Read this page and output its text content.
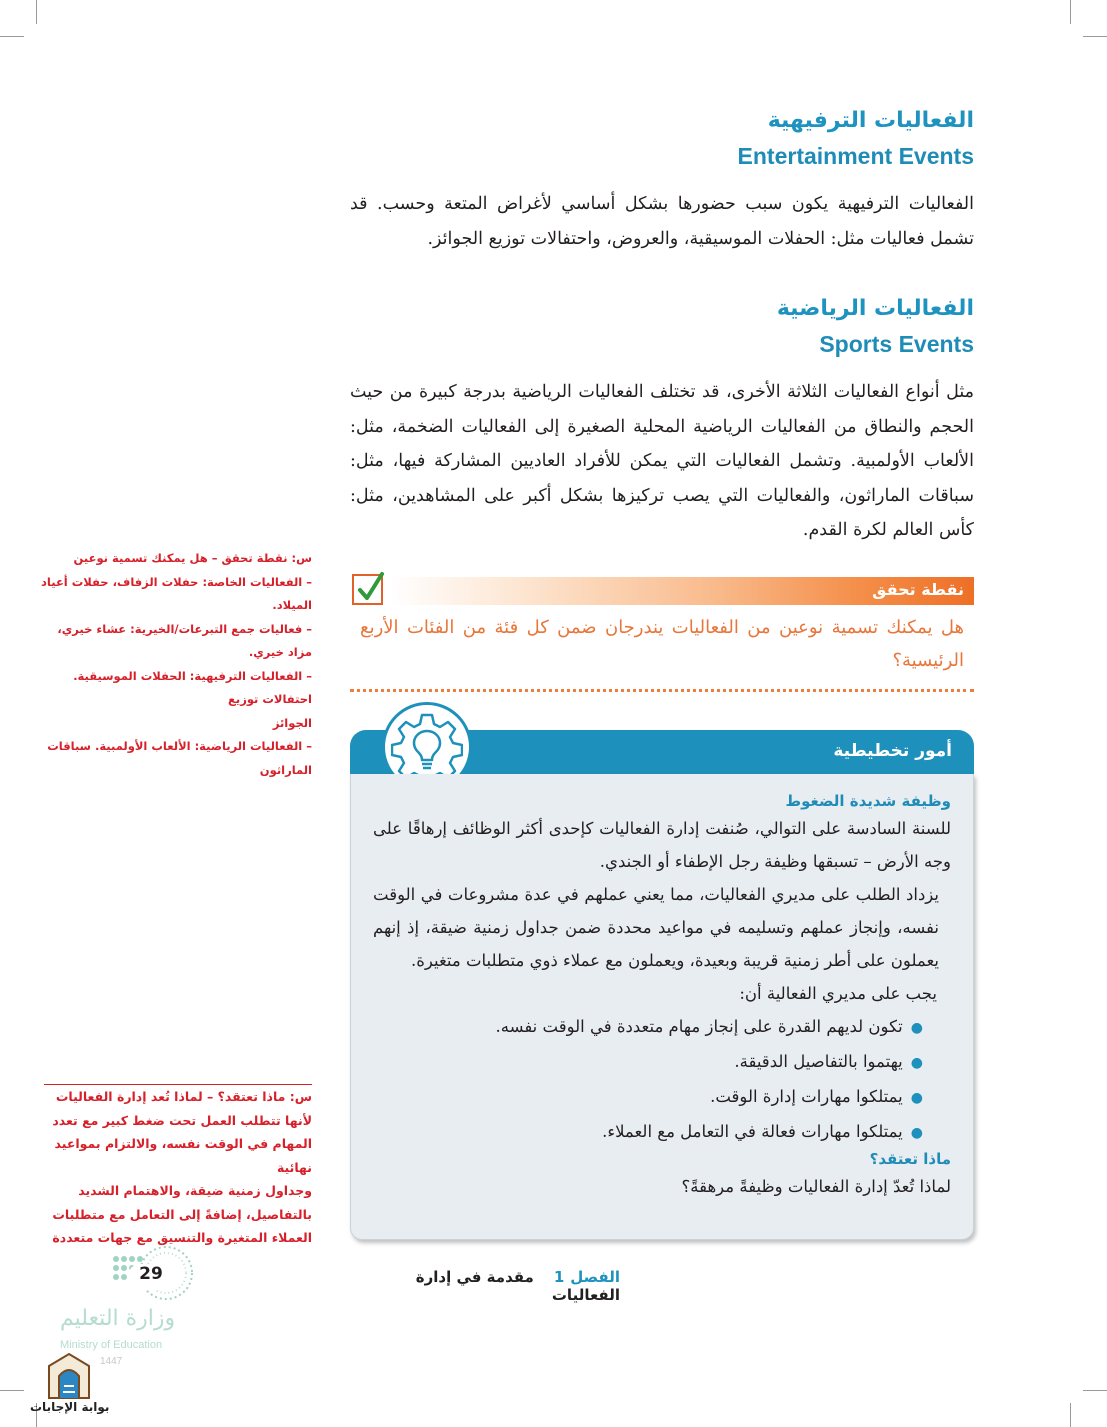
الفعاليات الترفيهية
Entertainment Events

الفعاليات الترفيهية يكون سبب حضورها بشكل أساسي لأغراض المتعة وحسب. قد تشمل فعاليات مثل: الحفلات الموسيقية، والعروض، واحتفالات توزيع الجوائز.

الفعاليات الرياضية
Sports Events

مثل أنواع الفعاليات الثلاثة الأخرى، قد تختلف الفعاليات الرياضية بدرجة كبيرة من حيث الحجم والنطاق من الفعاليات الرياضية المحلية الصغيرة إلى الفعاليات الضخمة، مثل: الألعاب الأولمبية. وتشمل الفعاليات التي يمكن للأفراد العاديين المشاركة فيها، مثل: سباقات الماراثون، والفعاليات التي يصب تركيزها بشكل أكبر على المشاهدين، مثل: كأس العالم لكرة القدم.

نقطة تحقق

هل يمكنك تسمية نوعين من الفعاليات يندرجان ضمن كل فئة من الفئات الأربع الرئيسية؟

أمور تخطيطية
وظيفة شديدة الضغوط

للسنة السادسة على التوالي، صُنفت إدارة الفعاليات كإحدى أكثر الوظائف إرهاقًا على وجه الأرض – تسبقها وظيفة رجل الإطفاء أو الجندي.

يزداد الطلب على مديري الفعاليات، مما يعني عملهم في عدة مشروعات في الوقت نفسه، وإنجاز عملهم وتسليمه في مواعيد محددة ضمن جداول زمنية ضيقة، إذ إنهم يعملون على أطر زمنية قريبة وبعيدة، ويعملون مع عملاء ذوي متطلبات متغيرة.

يجب على مديري الفعالية أن:

●تكون لديهم القدرة على إنجاز مهام متعددة في الوقت نفسه.
●يهتموا بالتفاصيل الدقيقة.
●يمتلكوا مهارات إدارة الوقت.
●يمتلكوا مهارات فعالة في التعامل مع العملاء.
ماذا تعتقد؟

لماذا تُعدّ إدارة الفعاليات وظيفةً مرهقةً؟

س: نقطة تحقق – هل يمكنك تسمية نوعين
– الفعاليات الخاصة: حفلات الزفاف، حفلات أعياد
الميلاد.
– فعاليات جمع التبرعات/الخيرية: عشاء خيري، مزاد خيري.
– الفعاليات الترفيهية: الحفلات الموسيقية. احتفالات توزيع
الجوائز
– الفعاليات الرياضية: الألعاب الأولمبية. سباقات الماراثون
س: ماذا تعتقد؟ – لماذا تُعد إدارة الفعاليات
لأنها تتطلب العمل تحت ضغط كبير مع تعدد
المهام في الوقت نفسه، والالتزام بمواعيد نهائية
وجداول زمنية ضيقة، والاهتمام الشديد
بالتفاصيل، إضافةً إلى التعامل مع متطلبات
العملاء المتغيرة والتنسيق مع جهات متعددة
الفصل1مقدمة في إدارة الفعاليات
29
وزارة التعليم
Ministry of Education
1447
بوابة الإجابات
